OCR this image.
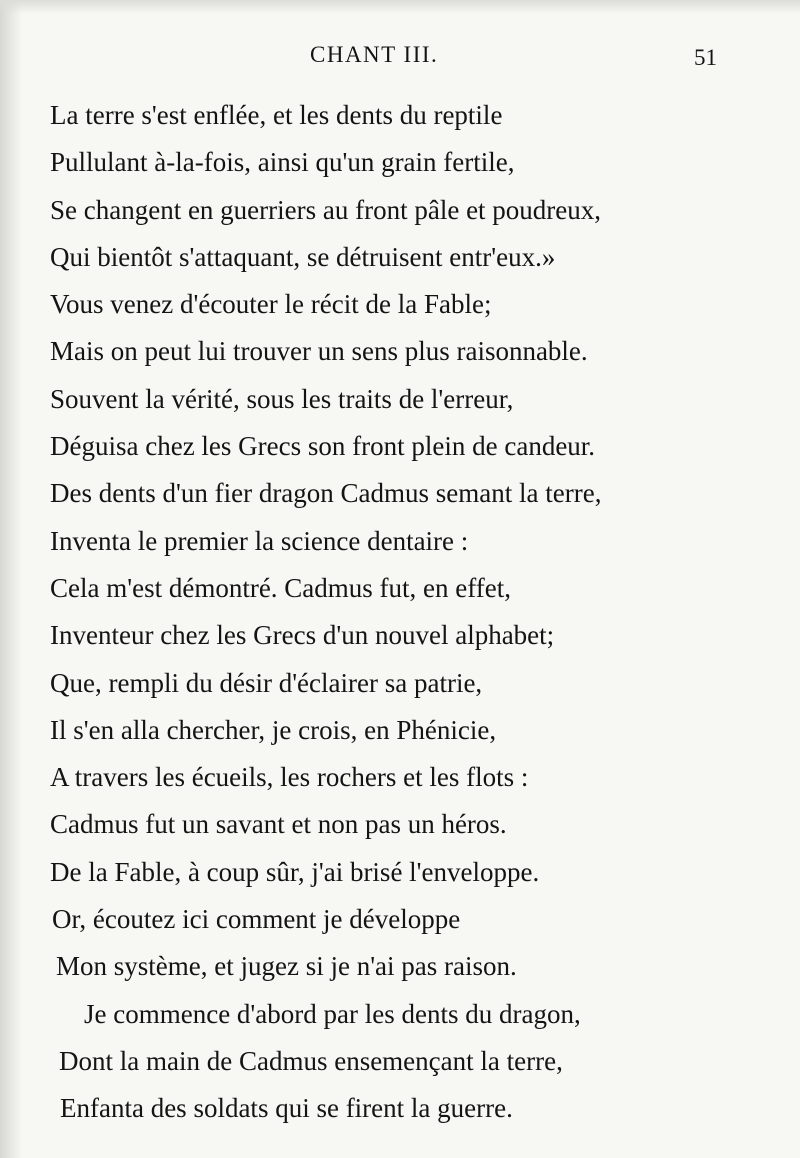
CHANT III.	51
La terre s'est enflée, et les dents du reptile
Pullulant à-la-fois, ainsi qu'un grain fertile,
Se changent en guerriers au front pâle et poudreux,
Qui bientôt s'attaquant, se détruisent entr'eux.»
Vous venez d'écouter le récit de la Fable;
Mais on peut lui trouver un sens plus raisonnable.
Souvent la vérité, sous les traits de l'erreur,
Déguisa chez les Grecs son front plein de candeur.
Des dents d'un fier dragon Cadmus semant la terre,
Inventa le premier la science dentaire :
Cela m'est démontré. Cadmus fut, en effet,
Inventeur chez les Grecs d'un nouvel alphabet;
Que, rempli du désir d'éclairer sa patrie,
Il s'en alla chercher, je crois, en Phénicie,
A travers les écueils, les rochers et les flots :
Cadmus fut un savant et non pas un héros.
De la Fable, à coup sûr, j'ai brisé l'enveloppe.
Or, écoutez ici comment je développe
Mon système, et jugez si je n'ai pas raison.
Je commence d'abord par les dents du dragon,
Dont la main de Cadmus ensemençant la terre,
Enfanta des soldats qui se firent la guerre.
